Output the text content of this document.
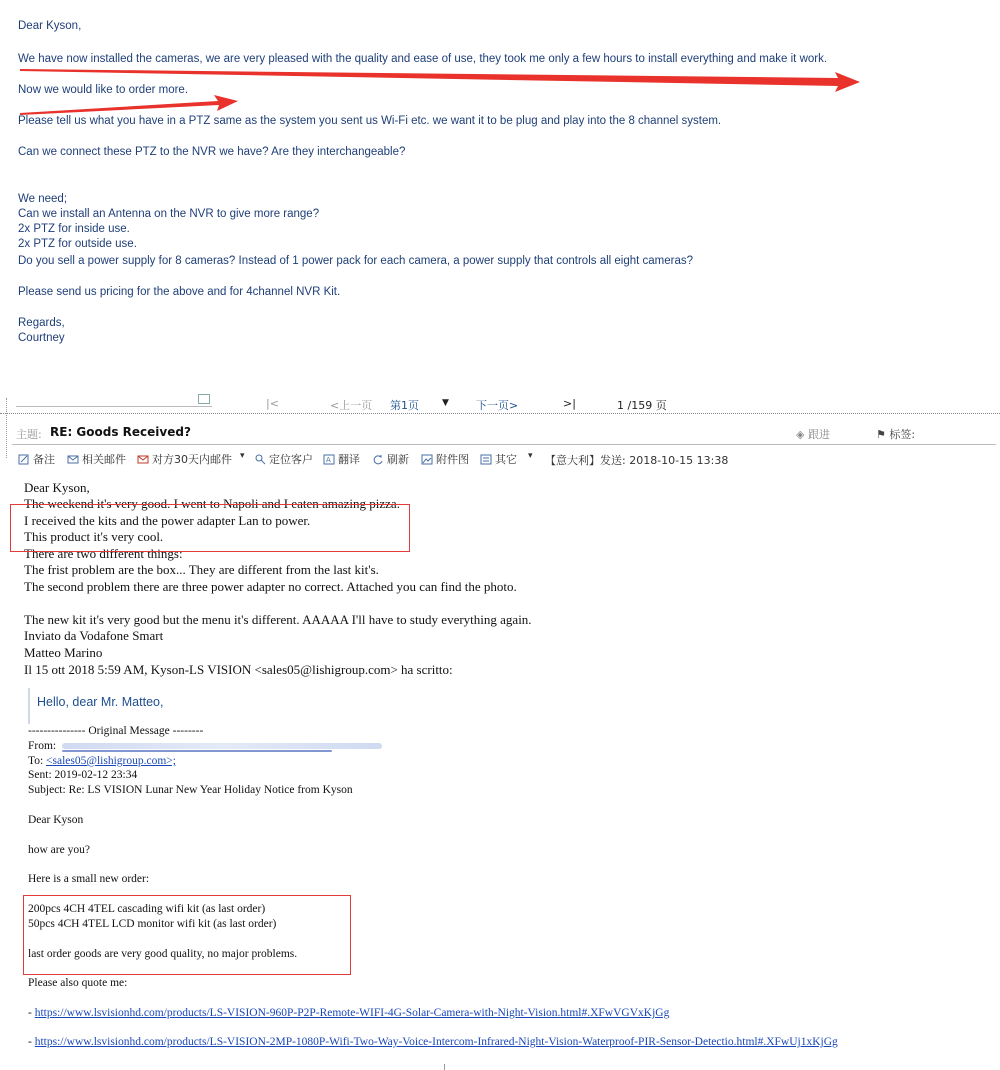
Dear Kyson,
We have now installed the cameras, we are very pleased with the quality and ease of use, they took me only a few hours to install everything and make it work.
Now we would like to order more.
Please tell us what you have in a PTZ same as the system you sent us Wi-Fi etc. we want it to be plug and play into the 8 channel system.
Can we connect these PTZ to the NVR we have? Are they interchangeable?
We need;
Can we install an Antenna on the NVR to give more range?
2x PTZ for inside use.
2x PTZ for outside use.
Do you sell a power supply for 8 cameras? Instead of 1 power pack for each camera, a power supply that controls all eight cameras?
Please send us pricing for the above and for 4channel NVR Kit.
Regards,
Courtney
|<	<上一页 第1页	▼ 下一页>	>|	1 /159 页
主题: RE: Goods Received?	◈ 跟进	⚑ 标签:
备注 相关邮件 对方30天内邮件 ▾ 定位客户 A 翻译 刷新 附件图 其它 ▾ 【意大利】发送: 2018-10-15 13:38
Dear Kyson,
The weekend it's very good. I went to Napoli and I eaten amazing pizza.
I received the kits and the power adapter Lan to power.
This product it's very cool.
There are two different things:
The frist problem are the box... They are different from the last kit's.
The second problem there are three power adapter no correct. Attached you can find the photo.
The new kit it's very good but the menu it's different. AAAAA I'll have to study everything again.
Inviato da Vodafone Smart
Matteo Marino
Il 15 ott 2018 5:59 AM, Kyson-LS VISION <sales05@lishigroup.com> ha scritto:
Hello, dear Mr. Matteo,
--------------- Original Message --------
From:
To: <sales05@lishigroup.com>;
Sent: 2019-02-12 23:34
Subject: Re: LS VISION Lunar New Year Holiday Notice from Kyson
Dear Kyson
how are you?
Here is a small new order:
200pcs 4CH 4TEL cascading wifi kit (as last order)
50pcs 4CH 4TEL LCD monitor wifi kit (as last order)
last order goods are very good quality, no major problems.
Please also quote me:
- https://www.lsvisionhd.com/products/LS-VISION-960P-P2P-Remote-WIFI-4G-Solar-Camera-with-Night-Vision.html#.XFwVGVxKjGg
- https://www.lsvisionhd.com/products/LS-VISION-2MP-1080P-Wifi-Two-Way-Voice-Intercom-Infrared-Night-Vision-Waterproof-PIR-Sensor-Detectio.html#.XFwUj1xKjGg
